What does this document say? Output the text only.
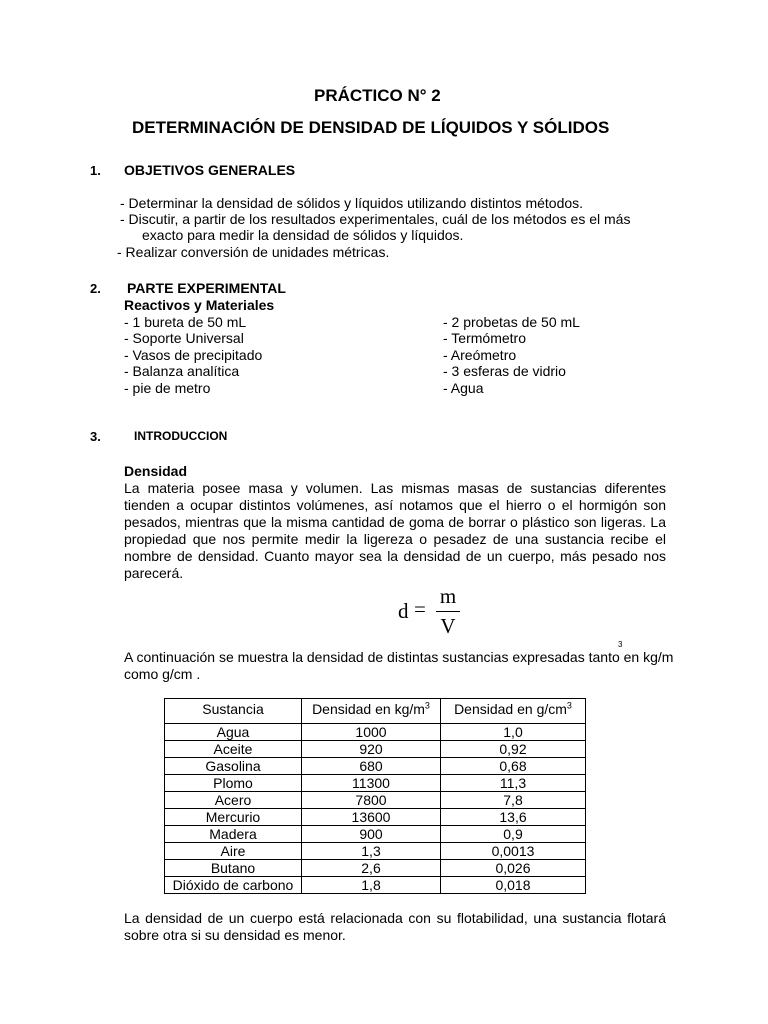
PRÁCTICO N° 2
DETERMINACIÓN DE DENSIDAD DE LÍQUIDOS Y SÓLIDOS
1. OBJETIVOS GENERALES
- Determinar la densidad de sólidos y líquidos utilizando distintos métodos.
- Discutir, a partir de los resultados experimentales, cuál de los métodos es el más
exacto para medir la densidad de sólidos y líquidos.
- Realizar conversión de unidades métricas.
2. PARTE EXPERIMENTAL
Reactivos y Materiales
- 1 bureta de 50 mL
- Soporte Universal
- Vasos de precipitado
- Balanza analítica
- pie de metro
- 2 probetas de 50 mL
- Termómetro
- Areómetro
- 3 esferas de vidrio
- Agua
3.	INTRODUCCION
Densidad
La materia posee masa y volumen. Las mismas masas de sustancias diferentes tienden a ocupar distintos volúmenes, así notamos que el hierro o el hormigón son pesados, mientras que la misma cantidad de goma de borrar o plástico son ligeras. La propiedad que nos permite medir la ligereza o pesadez de una sustancia recibe el nombre de densidad. Cuanto mayor sea la densidad de un cuerpo, más pesado nos parecerá.
d =
m
V
A continuación se muestra la densidad de distintas sustancias expresadas tanto en kg/m
3
como g/cm .
Sustancia	Densidad en $kg/m^3$	Densidad en $g/cm^3$
Agua	1000	1,0
Aceite	920	0,92
Gasolina	680	0,68
Plomo	11300	11,3
Acero	7800	7,8
Mercurio	13600	13,6
Madera	900	0,9
Aire	1,3	0,0013
Butano	2,6	0,026
Dióxido de carbono	1,8	0,018
La densidad de un cuerpo está relacionada con su flotabilidad, una sustancia flotará sobre otra si su densidad es menor.
